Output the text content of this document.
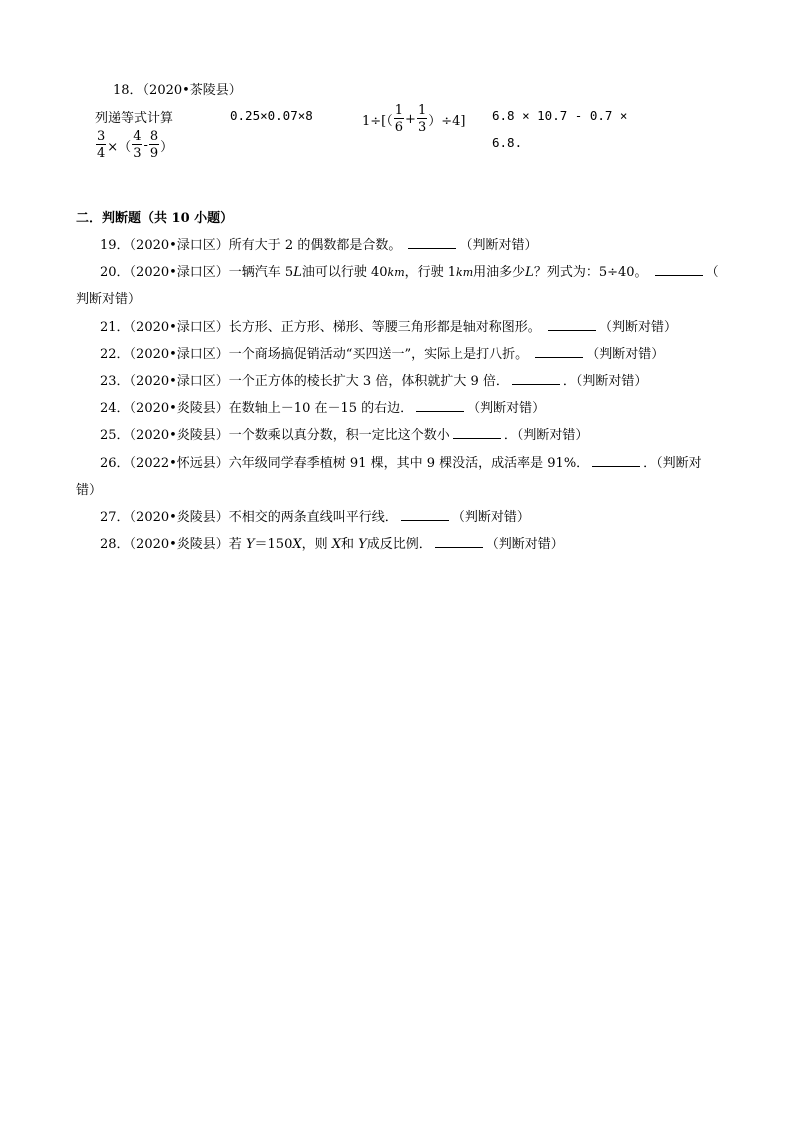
18．（2020•茶陵县）
列递等式计算	0.25×0.07×8	$1\div[( \frac{1}{6} + \frac{1}{3} )\div 4]$ 6.8 × 10.7 - 0.7 ×
6.8.
$\frac{3}{4}$ ×（ $\frac{4}{3} - \frac{8}{9}$ ）
二．判断题（共 10 小题）
19．（2020•渌口区）所有大于 2 的偶数都是合数。	（判断对错）
20．（2020•渌口区）一辆汽车 5L油可以行驶 40km，行驶 1km用油多少L？列式为：5÷40。	（
判断对错）
21．（2020•渌口区）长方形、正方形、梯形、等腰三角形都是轴对称图形。	（判断对错）
22．（2020•渌口区）一个商场搞促销活动“买四送一”，实际上是打八折。	（判断对错）
23．（2020•渌口区）一个正方体的棱长扩大 3 倍，体积就扩大 9 倍．	．（判断对错）
24．（2020•炎陵县）在数轴上－10 在－15 的右边．	（判断对错）
25．（2020•炎陵县）一个数乘以真分数，积一定比这个数小	．（判断对错）
26．（2022•怀远县）六年级同学春季植树 91 棵，其中 9 棵没活，成活率是 91%．	．（判断对
错）
27．（2020•炎陵县）不相交的两条直线叫平行线．	（判断对错）
28．（2020•炎陵县）若 Y＝150X，则 X和 Y成反比例．	（判断对错）
